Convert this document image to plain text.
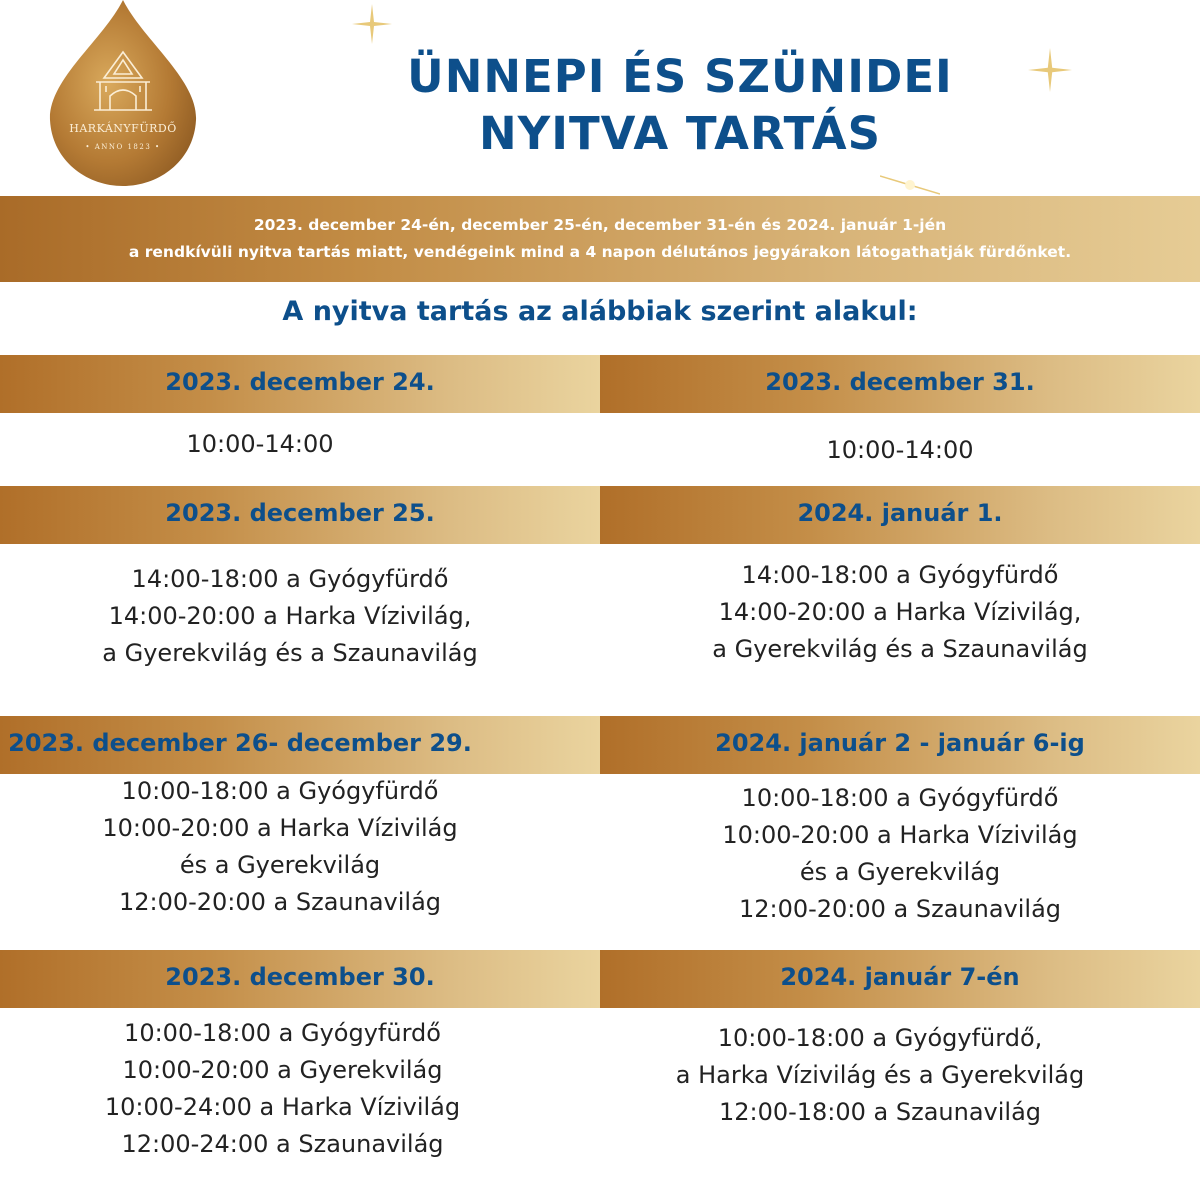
HARKÁNYFÜRDŐ
• ANNO 1823 •
ÜNNEPI ÉS SZÜNIDEI
NYITVA TARTÁS
2023. december 24-én, december 25-én, december 31-én és 2024. január 1-jén
a rendkívüli nyitva tartás miatt, vendégeink mind a 4 napon délutános jegyárakon látogathatják fürdőnket.
A nyitva tartás az alábbiak szerint alakul:
2023. december 24.
10:00-14:00
2023. december 31.
10:00-14:00
2023. december 25.
14:00-18:00 a Gyógyfürdő
14:00-20:00 a Harka Vízivilág,
a Gyerekvilág és a Szaunavilág
2024. január 1.
14:00-18:00 a Gyógyfürdő
14:00-20:00 a Harka Vízivilág,
a Gyerekvilág és a Szaunavilág
2023. december 26- december 29.
10:00-18:00 a Gyógyfürdő
10:00-20:00 a Harka Vízivilág
és a Gyerekvilág
12:00-20:00 a Szaunavilág
2024. január 2 - január 6-ig
10:00-18:00 a Gyógyfürdő
10:00-20:00 a Harka Vízivilág
és a Gyerekvilág
12:00-20:00 a Szaunavilág
2023. december 30.
10:00-18:00 a Gyógyfürdő
10:00-20:00 a Gyerekvilág
10:00-24:00 a Harka Vízivilág
12:00-24:00 a Szaunavilág
2024. január 7-én
10:00-18:00 a Gyógyfürdő,
a Harka Vízivilág és a Gyerekvilág
12:00-18:00 a Szaunavilág
